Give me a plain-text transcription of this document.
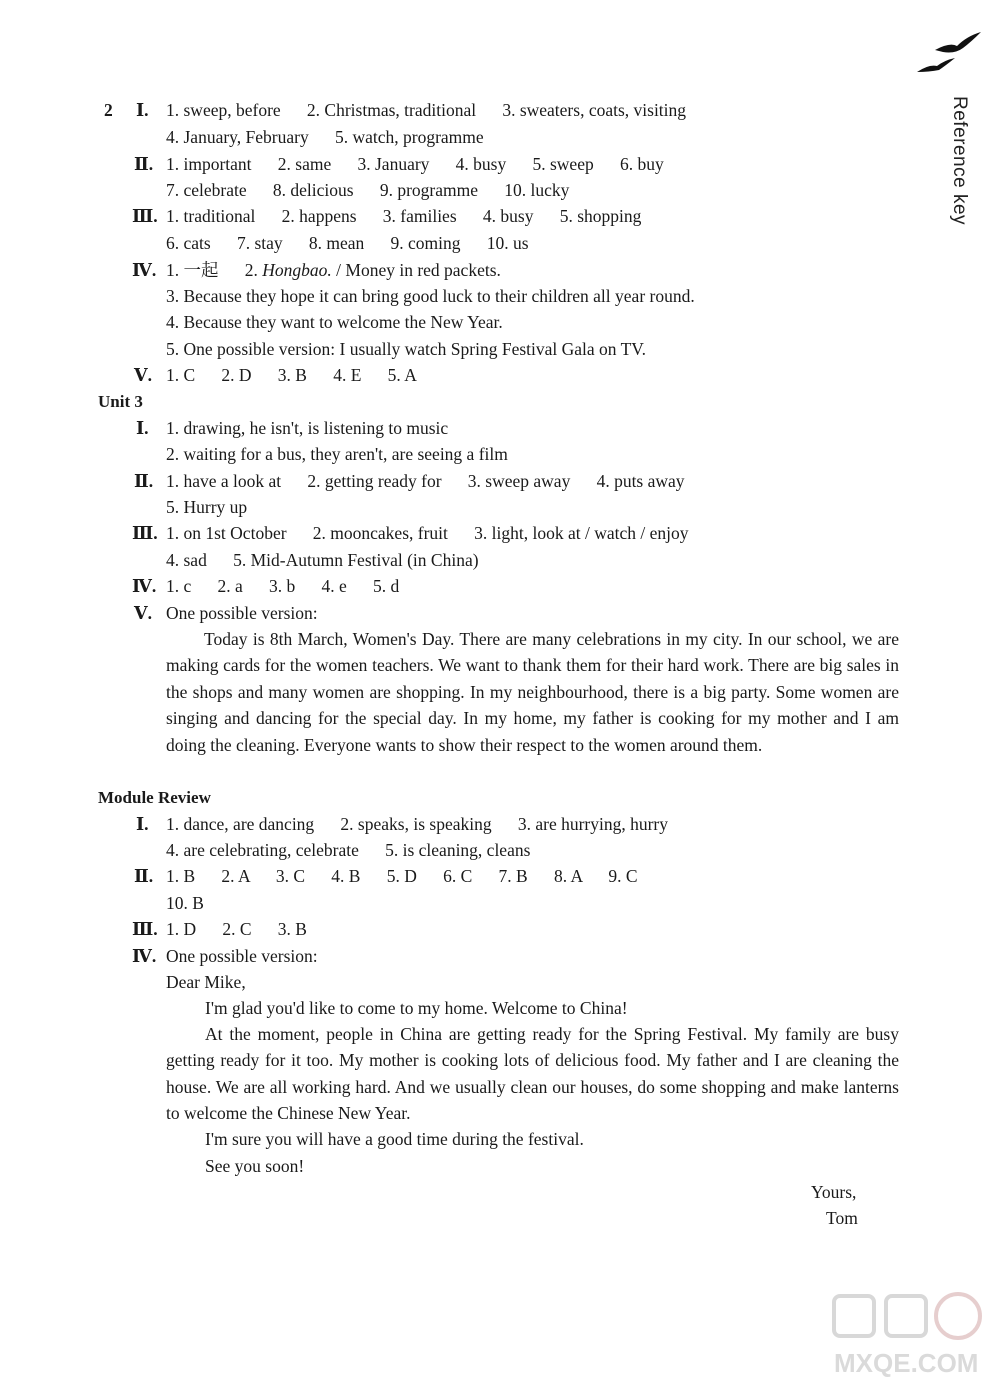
Reference key
2 Ⅰ. 1. sweep, before      2. Christmas, traditional      3. sweaters, coats, visiting
4. January, February      5. watch, programme
Ⅱ. 1. important      2. same      3. January      4. busy      5. sweep      6. buy
7. celebrate      8. delicious      9. programme      10. lucky
Ⅲ. 1. traditional      2. happens      3. families      4. busy      5. shopping
6. cats      7. stay      8. mean      9. coming      10. us
Ⅳ. 1. 一起      2. Hongbao. / Money in red packets.
3. Because they hope it can bring good luck to their children all year round.
4. Because they want to welcome the New Year.
5. One possible version: I usually watch Spring Festival Gala on TV.
Ⅴ. 1. C      2. D      3. B      4. E      5. A
Unit 3
Ⅰ. 1. drawing, he isn't, is listening to music
2. waiting for a bus, they aren't, are seeing a film
Ⅱ. 1. have a look at      2. getting ready for      3. sweep away      4. puts away
5. Hurry up
Ⅲ. 1. on 1st October      2. mooncakes, fruit      3. light, look at / watch / enjoy
4. sad      5. Mid-Autumn Festival (in China)
Ⅳ. 1. c      2. a      3. b      4. e      5. d
Ⅴ. One possible version:
Today is 8th March, Women's Day. There are many celebrations in my city. In our school, we are making cards for the women teachers. We want to thank them for their hard work. There are big sales in the shops and many women are shopping. In my neighbourhood, there is a big party. Some women are singing and dancing for the special day. In my home, my father is cooking for my mother and I am doing the cleaning. Everyone wants to show their respect to the women around them.
Module Review
Ⅰ. 1. dance, are dancing      2. speaks, is speaking      3. are hurrying, hurry
4. are celebrating, celebrate      5. is cleaning, cleans
Ⅱ. 1. B      2. A      3. C      4. B      5. D      6. C      7. B      8. A      9. C
10. B
Ⅲ. 1. D      2. C      3. B
Ⅳ. One possible version:
Dear Mike,
I'm glad you'd like to come to my home. Welcome to China!
At the moment, people in China are getting ready for the Spring Festival. My family are busy getting ready for it too. My mother is cooking lots of delicious food. My father and I are cleaning the house. We are all working hard. And we usually clean our houses, do some shopping and make lanterns to welcome the Chinese New Year.
I'm sure you will have a good time during the festival.
See you soon!
Yours,
Tom
MXQE.COM
